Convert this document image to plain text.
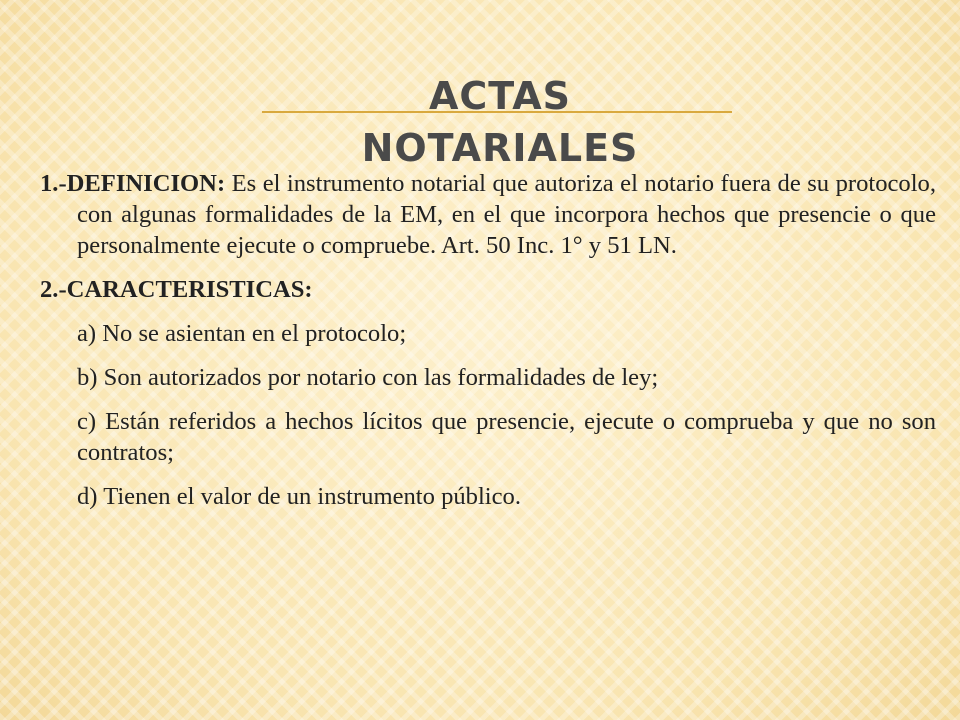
ACTAS NOTARIALES

1.-DEFINICION: Es el instrumento notarial que autoriza el notario fuera de su protocolo, con algunas formalidades de la EM, en el que incorpora hechos que presencie o que personalmente ejecute o compruebe. Art. 50 Inc. 1° y 51 LN.

2.-CARACTERISTICAS:

a) No se asientan en el protocolo;

b) Son autorizados por notario con las formalidades de ley;

c) Están referidos a hechos lícitos que presencie, ejecute o comprueba y que no son contratos;

d) Tienen el valor de un instrumento público.
